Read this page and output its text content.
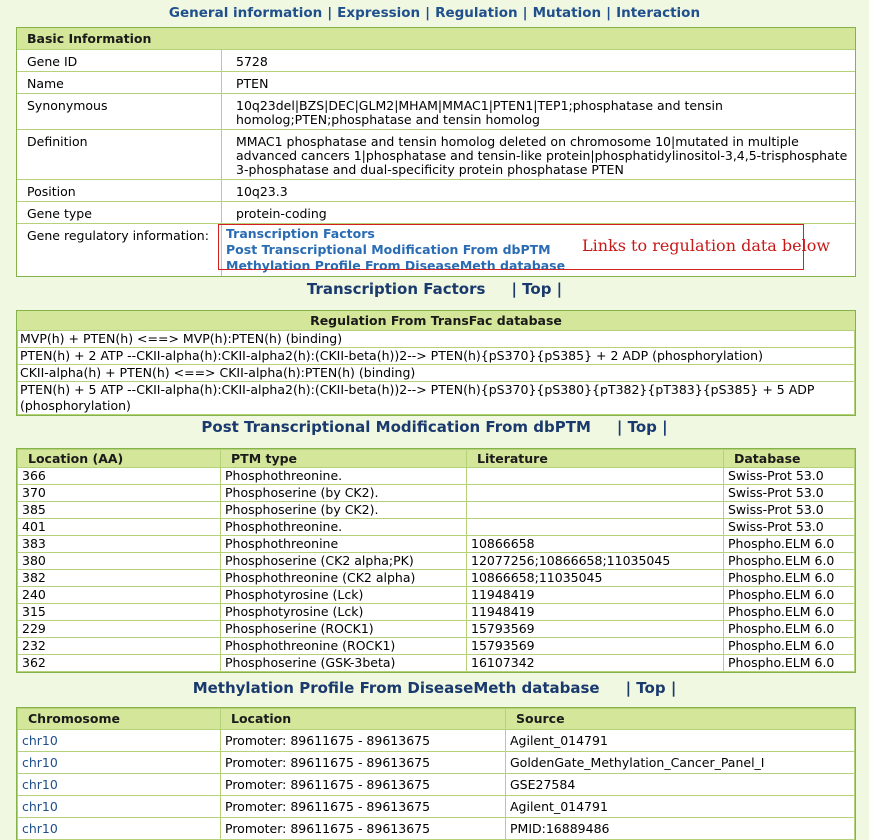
General information | Expression | Regulation | Mutation | Interaction
Basic Information
Gene ID	5728
Name	PTEN
Synonymous	10q23del|BZS|DEC|GLM2|MHAM|MMAC1|PTEN1|TEP1;phosphatase and tensin homolog;PTEN;phosphatase and tensin homolog
Definition	MMAC1 phosphatase and tensin homolog deleted on chromosome 10|mutated in multiple advanced cancers 1|phosphatase and tensin-like protein|phosphatidylinositol-3,4,5-trisphosphate 3-phosphatase and dual-specificity protein phosphatase PTEN
Position	10q23.3
Gene type	protein-coding
Gene regulatory information:	Transcription Factors
Post Transcriptional Modification From dbPTM
Methylation Profile From DiseaseMeth database
Links to regulation data below
Transcription Factors | Top |
Regulation From TransFac database
MVP(h) + PTEN(h) <==> MVP(h):PTEN(h) (binding)
PTEN(h) + 2 ATP --CKII-alpha(h):CKII-alpha2(h):(CKII-beta(h))2--> PTEN(h){pS370}{pS385} + 2 ADP (phosphorylation)
CKII-alpha(h) + PTEN(h) <==> CKII-alpha(h):PTEN(h) (binding)
PTEN(h) + 5 ATP --CKII-alpha(h):CKII-alpha2(h):(CKII-beta(h))2--> PTEN(h){pS370}{pS380}{pT382}{pT383}{pS385} + 5 ADP (phosphorylation)
Post Transcriptional Modification From dbPTM | Top |
Location (AA)	PTM type	Literature	Database
366	Phosphothreonine.		Swiss-Prot 53.0
370	Phosphoserine (by CK2).		Swiss-Prot 53.0
385	Phosphoserine (by CK2).		Swiss-Prot 53.0
401	Phosphothreonine.		Swiss-Prot 53.0
383	Phosphothreonine	10866658	Phospho.ELM 6.0
380	Phosphoserine (CK2 alpha;PK)	12077256;10866658;11035045	Phospho.ELM 6.0
382	Phosphothreonine (CK2 alpha)	10866658;11035045	Phospho.ELM 6.0
240	Phosphotyrosine (Lck)	11948419	Phospho.ELM 6.0
315	Phosphotyrosine (Lck)	11948419	Phospho.ELM 6.0
229	Phosphoserine (ROCK1)	15793569	Phospho.ELM 6.0
232	Phosphothreonine (ROCK1)	15793569	Phospho.ELM 6.0
362	Phosphoserine (GSK-3beta)	16107342	Phospho.ELM 6.0
Methylation Profile From DiseaseMeth database | Top |
Chromosome	Location	Source
chr10	Promoter: 89611675 - 89613675	Agilent_014791
chr10	Promoter: 89611675 - 89613675	GoldenGate_Methylation_Cancer_Panel_I
chr10	Promoter: 89611675 - 89613675	GSE27584
chr10	Promoter: 89611675 - 89613675	Agilent_014791
chr10	Promoter: 89611675 - 89613675	PMID:16889486
